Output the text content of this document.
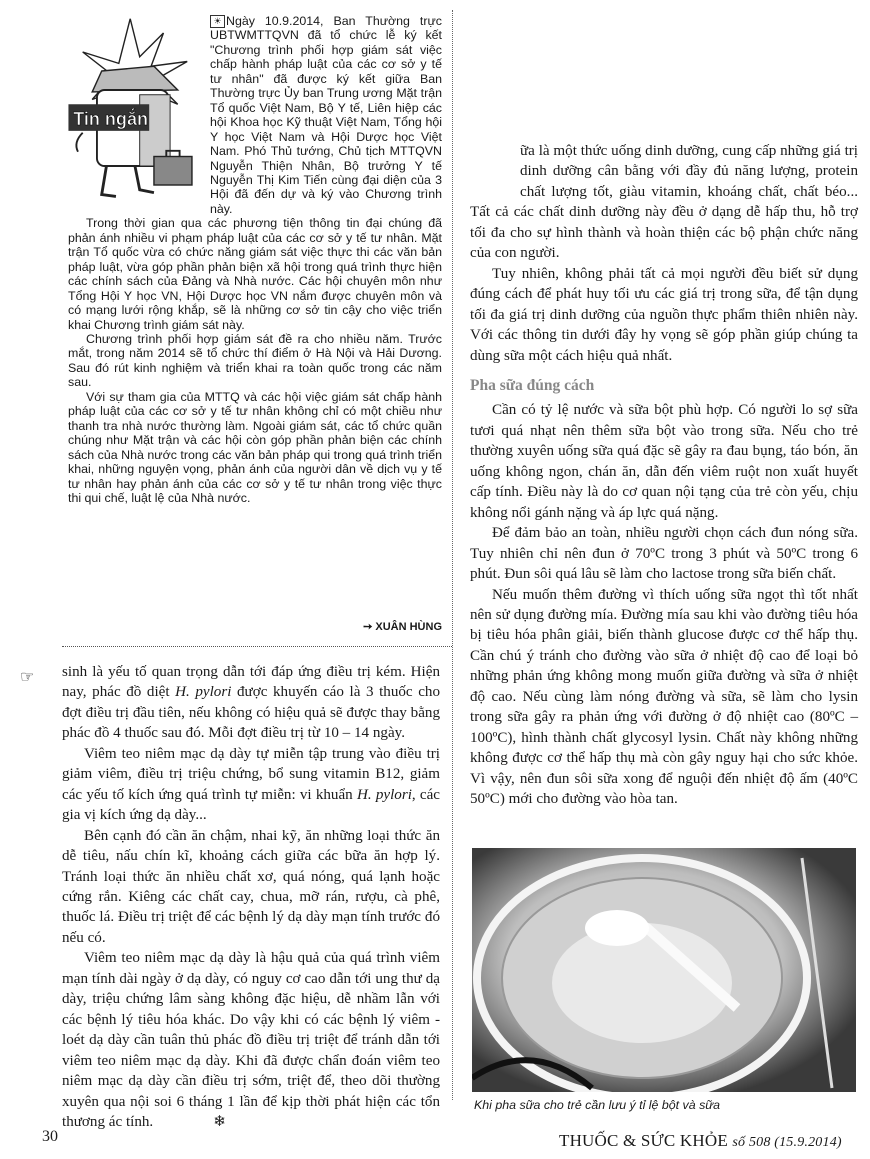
Tin ngắn

☀ Ngày 10.9.2014, Ban Thường trực UBTWMTTQVN đã tổ chức lễ ký kết "Chương trình phối hợp giám sát việc chấp hành pháp luật của các cơ sở y tế tư nhân" đã được ký kết giữa Ban Thường trực Ủy ban Trung ương Mặt trận Tổ quốc Việt Nam, Bộ Y tế, Liên hiệp các hội Khoa học Kỹ thuật Việt Nam, Tổng hội Y học Việt Nam và Hội Dược học Việt Nam. Phó Thủ tướng, Chủ tịch MTTQVN Nguyễn Thiện Nhân, Bộ trưởng Y tế Nguyễn Thị Kim Tiến cùng đại diện của 3 Hội đã đến dự và ký vào Chương trình này.

Trong thời gian qua các phương tiện thông tin đại chúng đã phản ánh nhiều vi phạm pháp luật của các cơ sở y tế tư nhân. Mặt trận Tổ quốc vừa có chức năng giám sát việc thực thi các văn bản pháp luật, vừa góp phần phản biện xã hội trong quá trình thực hiện các chính sách của Đảng và Nhà nước. Các hội chuyên môn như Tổng Hội Y học VN, Hội Dược học VN nắm được chuyên môn và có mạng lưới rộng khắp, sẽ là những cơ sở tin cậy cho việc triển khai Chương trình giám sát này.

Chương trình phối hợp giám sát đề ra cho nhiều năm. Trước mắt, trong năm 2014 sẽ tổ chức thí điểm ở Hà Nội và Hải Dương. Sau đó rút kinh nghiệm và triển khai ra toàn quốc trong các năm sau.

Với sự tham gia của MTTQ và các hội việc giám sát chấp hành pháp luật của các cơ sở y tế tư nhân không chỉ có một chiều như thanh tra nhà nước thường làm. Ngoài giám sát, các tổ chức quần chúng như Mặt trận và các hội còn góp phần phản biện các chính sách của Nhà nước trong các văn bản pháp qui trong quá trình triển khai, những nguyện vọng, phản ánh của người dân về dịch vụ y tế tư nhân hay phản ánh của các cơ sở y tế tư nhân trong việc thực thi qui chế, luật lệ của Nhà nước.

➙ XUÂN HÙNG
☞ sinh là yếu tố quan trọng dẫn tới đáp ứng điều trị kém. Hiện nay, phác đồ diệt H. pylori được khuyến cáo là 3 thuốc cho đợt điều trị đầu tiên, nếu không có hiệu quả sẽ được thay bằng phác đồ 4 thuốc sau đó. Mỗi đợt điều trị từ 10 – 14 ngày.

Viêm teo niêm mạc dạ dày tự miễn tập trung vào điều trị giảm viêm, điều trị triệu chứng, bổ sung vitamin B12, giảm các yếu tố kích ứng quá trình tự miễn: vi khuẩn H. pylori, các gia vị kích ứng dạ dày...

Bên cạnh đó cần ăn chậm, nhai kỹ, ăn những loại thức ăn dễ tiêu, nấu chín kĩ, khoảng cách giữa các bữa ăn hợp lý. Tránh loại thức ăn nhiều chất xơ, quá nóng, quá lạnh hoặc cứng rắn. Kiêng các chất cay, chua, mỡ rán, rượu, cà phê, thuốc lá. Điều trị triệt để các bệnh lý dạ dày mạn tính trước đó nếu có.

Viêm teo niêm mạc dạ dày là hậu quả của quá trình viêm mạn tính dài ngày ở dạ dày, có nguy cơ cao dẫn tới ung thư dạ dày, triệu chứng lâm sàng không đặc hiệu, dễ nhầm lẫn với các bệnh lý tiêu hóa khác. Do vậy khi có các bệnh lý viêm - loét dạ dày cần tuân thủ phác đồ điều trị triệt để tránh dẫn tới viêm teo niêm mạc dạ dày. Khi đã được chẩn đoán viêm teo niêm mạc dạ dày cần điều trị sớm, triệt để, theo dõi thường xuyên qua nội soi 6 tháng 1 lần để kịp thời phát hiện các tổn thương ác tính.	❄

ữa là một thức uống dinh dưỡng, cung cấp những giá trị dinh dưỡng cân bằng với đầy đủ năng lượng, protein chất lượng tốt, giàu vitamin, khoáng chất, chất béo... Tất cả các chất dinh dưỡng này đều ở dạng dễ hấp thu, hỗ trợ tối đa cho sự hình thành và hoàn thiện các bộ phận chức năng của con người.

Tuy nhiên, không phải tất cả mọi người đều biết sử dụng đúng cách để phát huy tối ưu các giá trị trong sữa, để tận dụng tối đa giá trị dinh dưỡng của nguồn thực phẩm thiên nhiên này. Với các thông tin dưới đây hy vọng sẽ góp phần giúp chúng ta dùng sữa một cách hiệu quả nhất.

Pha sữa đúng cách

Cần có tỷ lệ nước và sữa bột phù hợp. Có người lo sợ sữa tươi quá nhạt nên thêm sữa bột vào trong sữa. Nếu cho trẻ thường xuyên uống sữa quá đặc sẽ gây ra đau bụng, táo bón, ăn uống không ngon, chán ăn, dẫn đến viêm ruột non xuất huyết cấp tính. Điều này là do cơ quan nội tạng của trẻ còn yếu, chịu không nổi gánh nặng và áp lực quá nặng.

Để đảm bảo an toàn, nhiều người chọn cách đun nóng sữa. Tuy nhiên chỉ nên đun ở 70ºC trong 3 phút và 50ºC trong 6 phút. Đun sôi quá lâu sẽ làm cho lactose trong sữa biến chất.

Nếu muốn thêm đường vì thích uống sữa ngọt thì tốt nhất nên sử dụng đường mía. Đường mía sau khi vào đường tiêu hóa bị tiêu hóa phân giải, biến thành glucose được cơ thể hấp thụ. Cần chú ý tránh cho đường vào sữa ở nhiệt độ cao để loại bỏ những phản ứng không mong muốn giữa đường và sữa ở nhiệt độ cao. Nếu cùng làm nóng đường và sữa, sẽ làm cho lysin trong sữa gây ra phản ứng với đường ở độ nhiệt cao (80ºC – 100ºC), hình thành chất glycosyl lysin. Chất này không những không được cơ thể hấp thụ mà còn gây nguy hại cho sức khỏe. Vì vậy, nên đun sôi sữa xong để nguội đến nhiệt độ ấm (40ºC 50ºC) mới cho đường vào hòa tan.

Khi pha sữa cho trẻ cần lưu ý tỉ lệ bột và sữa
30	THUỐC & SỨC KHỎE số 508 (15.9.2014)
